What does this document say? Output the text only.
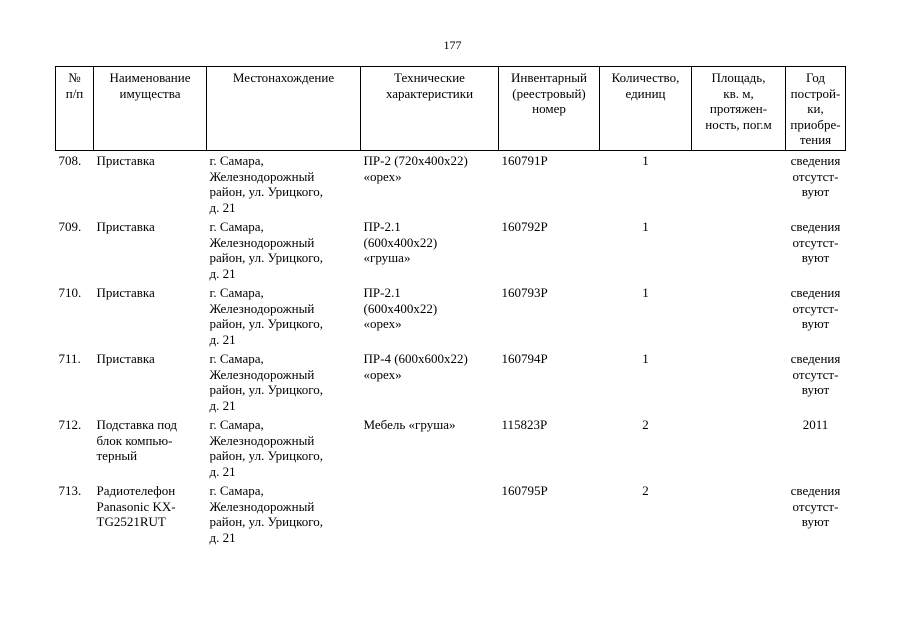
177
№
п/п	Наименование
имущества	Местонахождение	Технические
характеристики	Инвентарный
(реестровый)
номер	Количество,
единиц	Площадь,
кв. м,
протяжен-
ность, пог.м	Год
построй-
ки,
приобре-
тения
708.	Приставка	г. Самара,
Железнодорожный
район, ул. Урицкого,
д. 21	ПР-2 (720х400х22)
«орех»	160791Р	1		сведения
отсутст-
вуют
709.	Приставка	г. Самара,
Железнодорожный
район, ул. Урицкого,
д. 21	ПР-2.1
(600х400х22)
«груша»	160792Р	1		сведения
отсутст-
вуют
710.	Приставка	г. Самара,
Железнодорожный
район, ул. Урицкого,
д. 21	ПР-2.1
(600х400х22)
«орех»	160793Р	1		сведения
отсутст-
вуют
711.	Приставка	г. Самара,
Железнодорожный
район, ул. Урицкого,
д. 21	ПР-4 (600х600х22)
«орех»	160794Р	1		сведения
отсутст-
вуют
712.	Подставка под
блок компью-
терный	г. Самара,
Железнодорожный
район, ул. Урицкого,
д. 21	Мебель «груша»	115823Р	2		2011
713.	Радиотелефон
Panasonic KX-
TG2521RUT	г. Самара,
Железнодорожный
район, ул. Урицкого,
д. 21		160795Р	2		сведения
отсутст-
вуют
